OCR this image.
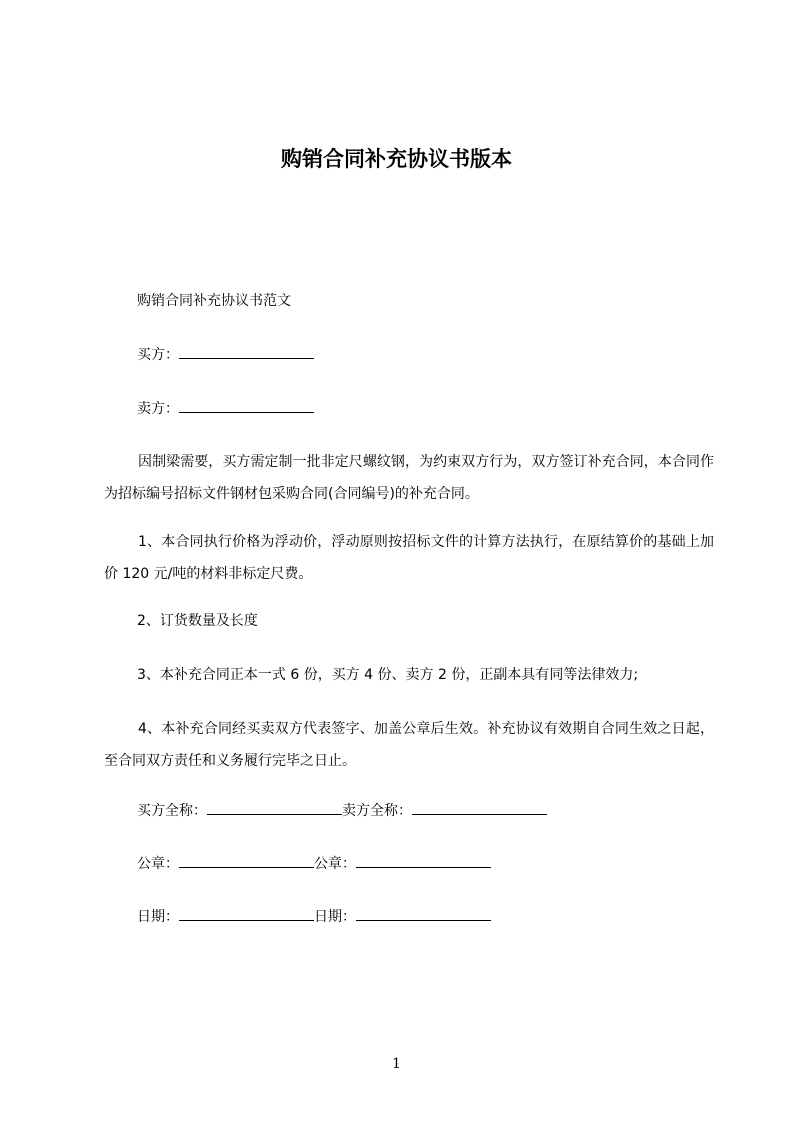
购销合同补充协议书版本
购销合同补充协议书范文
买方：
卖方：
因制梁需要，买方需定制一批非定尺螺纹钢，为约束双方行为，双方签订补充合同，本合同作为招标编号招标文件钢材包采购合同(合同编号)的补充合同。
1、本合同执行价格为浮动价，浮动原则按招标文件的计算方法执行，在原结算价的基础上加价 120 元/吨的材料非标定尺费。
2、订货数量及长度
3、本补充合同正本一式 6 份，买方 4 份、卖方 2 份，正副本具有同等法律效力;
4、本补充合同经买卖双方代表签字、加盖公章后生效。补充协议有效期自合同生效之日起，至合同双方责任和义务履行完毕之日止。
买方全称：	卖方全称：
公章：	公章：
日期：	日期：
1
